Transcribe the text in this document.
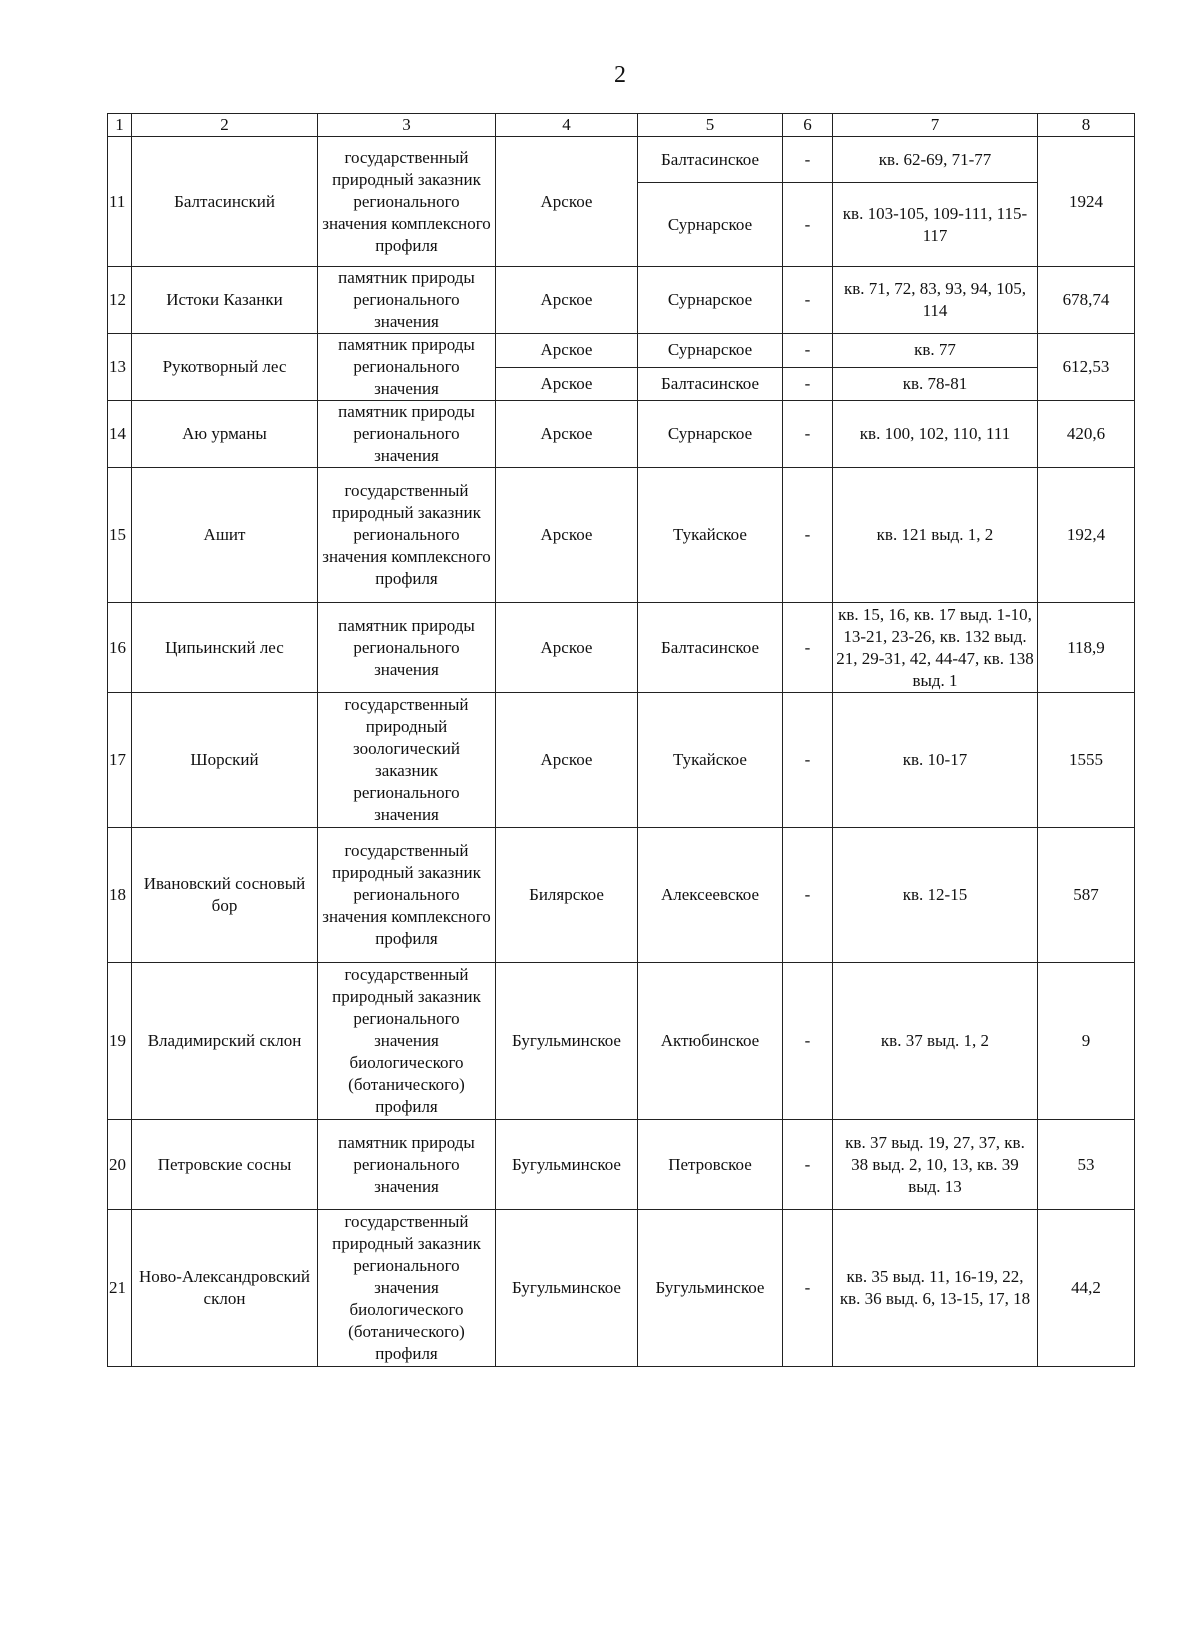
2
1	2	3	4	5	6	7	8
11	Балтасинский	государственный природный заказник регионального значения комплексного профиля	Арское	Балтасинское	-	кв. 62-69, 71-77	1924
				Сурнарское	-	кв. 103-105, 109-111, 115-117	
12	Истоки Казанки	памятник природы регионального значения	Арское	Сурнарское	-	кв. 71, 72, 83, 93, 94, 105, 114	678,74
13	Рукотворный лес	памятник природы регионального значения	Арское	Сурнарское	-	кв. 77	612,53
			Арское	Балтасинское	-	кв. 78-81	
14	Аю урманы	памятник природы регионального значения	Арское	Сурнарское	-	кв. 100, 102, 110, 111	420,6
15	Ашит	государственный природный заказник регионального значения комплексного профиля	Арское	Тукайское	-	кв. 121 выд. 1, 2	192,4
16	Ципьинский лес	памятник природы регионального значения	Арское	Балтасинское	-	кв. 15, 16, кв. 17 выд. 1-10, 13-21, 23-26, кв. 132 выд. 21, 29-31, 42, 44-47, кв. 138 выд. 1	118,9
17	Шорский	государственный природный зоологический заказник регионального значения	Арское	Тукайское	-	кв. 10-17	1555
18	Ивановский сосновый бор	государственный природный заказник регионального значения комплексного профиля	Билярское	Алексеевское	-	кв. 12-15	587
19	Владимирский склон	государственный природный заказник регионального значения биологического (ботанического) профиля	Бугульминское	Актюбинское	-	кв. 37 выд. 1, 2	9
20	Петровские сосны	памятник природы регионального значения	Бугульминское	Петровское	-	кв. 37 выд. 19, 27, 37, кв. 38 выд. 2, 10, 13, кв. 39 выд. 13	53
21	Ново-Александровский склон	государственный природный заказник регионального значения биологического (ботанического) профиля	Бугульминское	Бугульминское	-	кв. 35 выд. 11, 16-19, 22, кв. 36 выд. 6, 13-15, 17, 18	44,2
